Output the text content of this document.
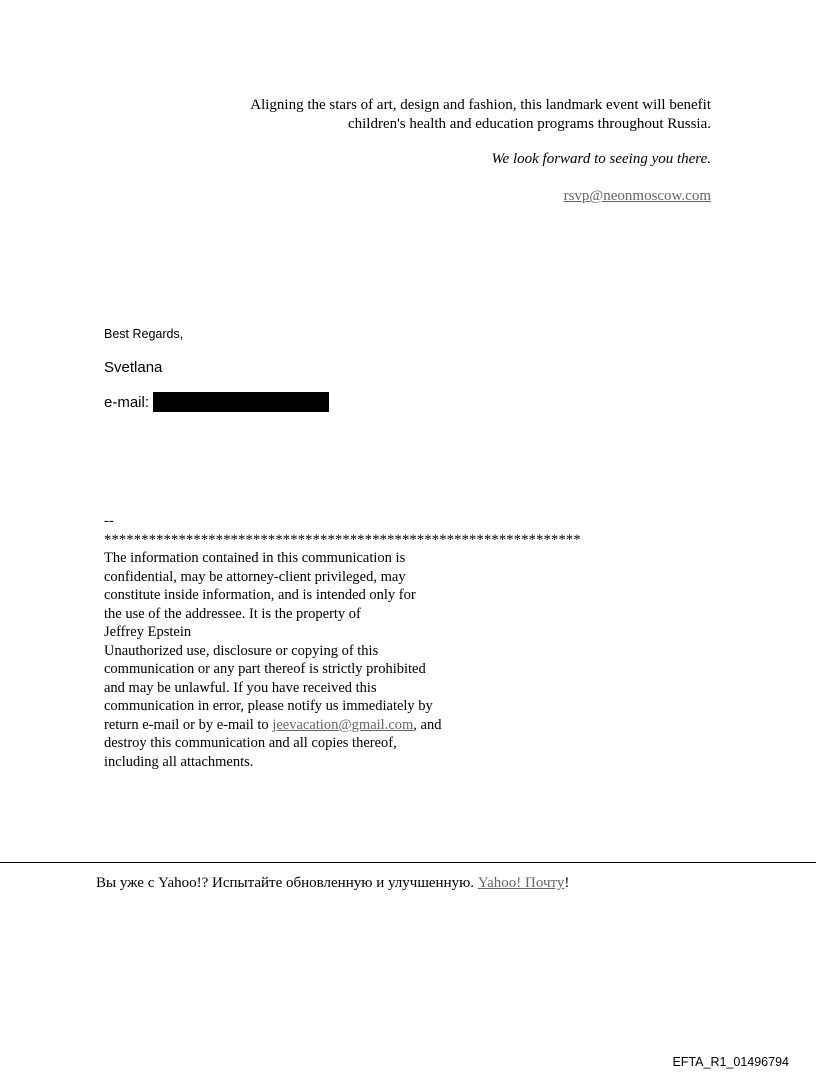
Aligning the stars of art, design and fashion, this landmark event will benefit

children's health and education programs throughout Russia.

We look forward to seeing you there.

rsvp@neonmoscow.com

Best Regards,
Svetlana
e-mail:
--
****************************************************************
The information contained in this communication is
confidential, may be attorney-client privileged, may
constitute inside information, and is intended only for
the use of the addressee. It is the property of
Jeffrey Epstein
Unauthorized use, disclosure or copying of this
communication or any part thereof is strictly prohibited
and may be unlawful. If you have received this
communication in error, please notify us immediately by
return e-mail or by e-mail to jeevacation@gmail.com, and
destroy this communication and all copies thereof,
including all attachments.
Вы уже с Yahoo!? Испытайте обновленную и улучшенную. Yahoo! Почту!
EFTA_R1_01496794
